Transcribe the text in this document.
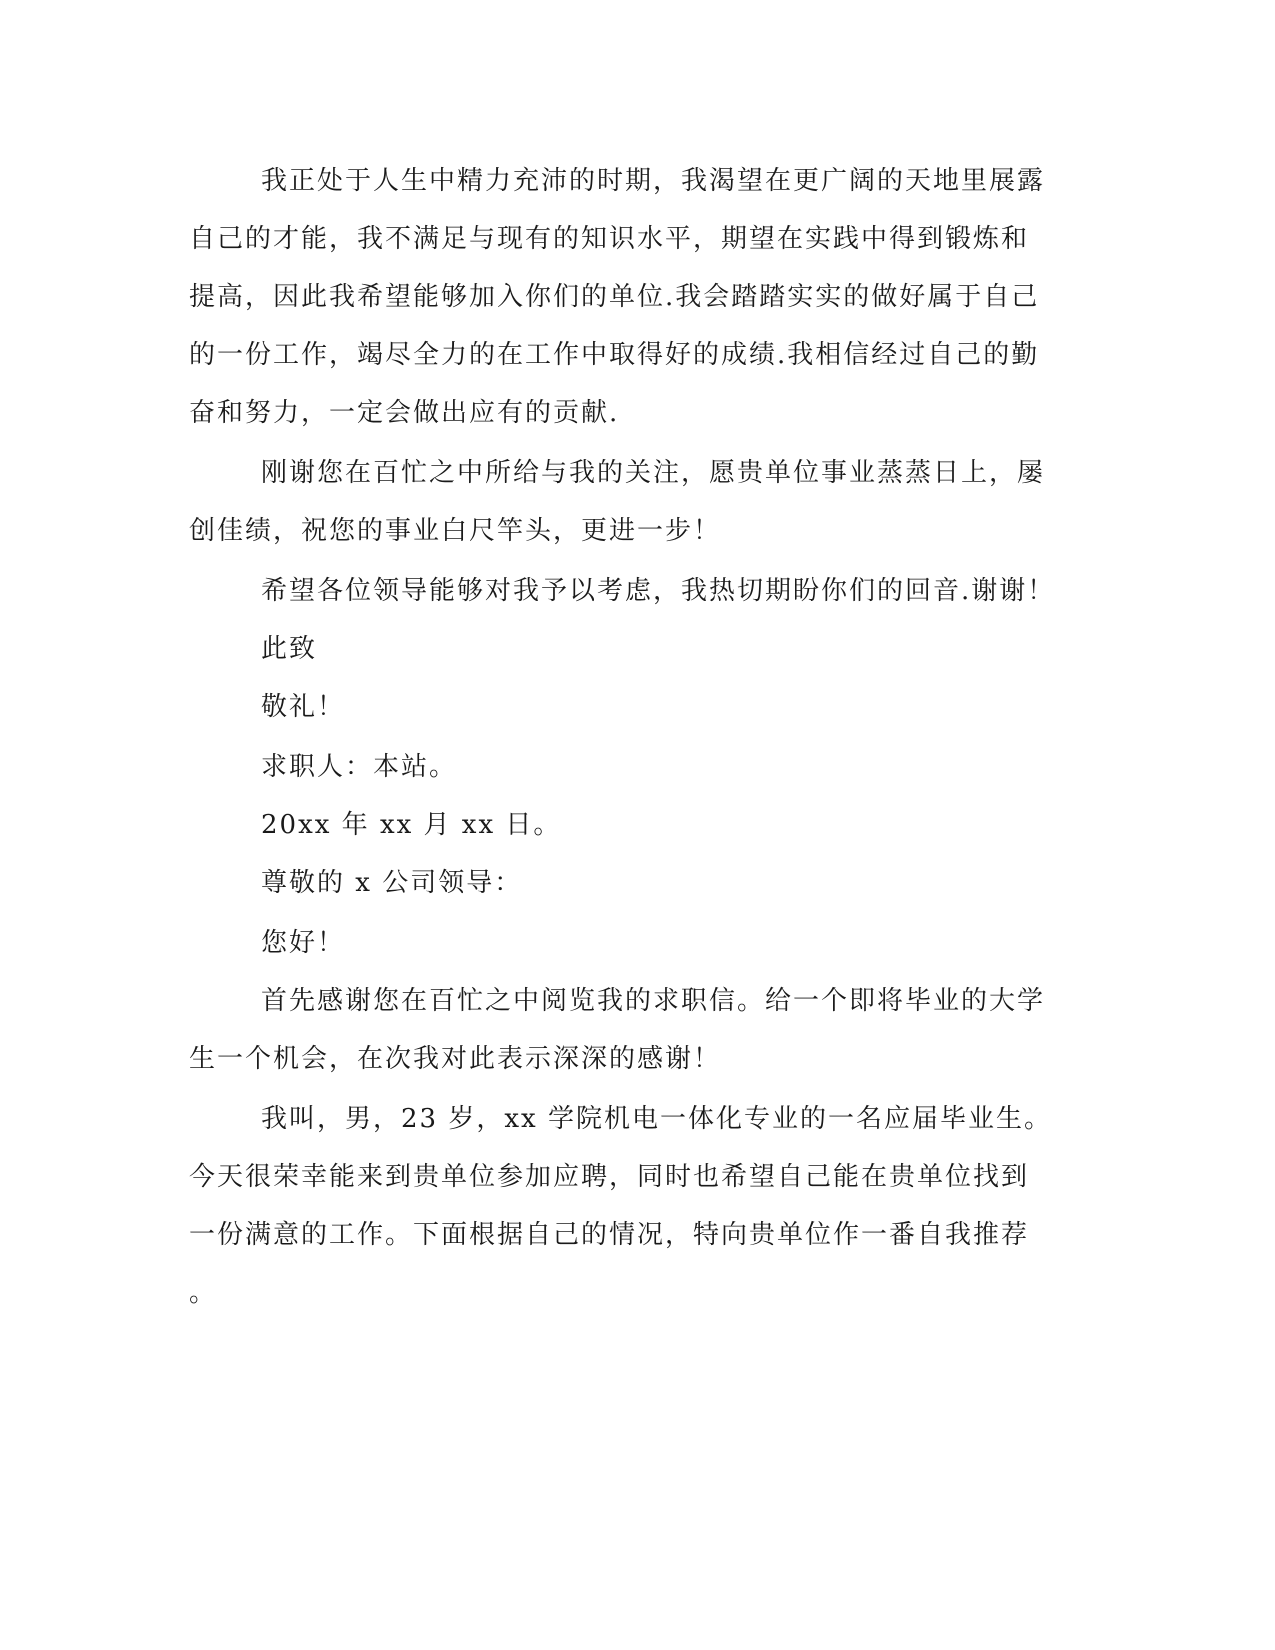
我正处于人生中精力充沛的时期，我渴望在更广阔的天地里展露
自己的才能，我不满足与现有的知识水平，期望在实践中得到锻炼和
提高，因此我希望能够加入你们的单位.我会踏踏实实的做好属于自己
的一份工作，竭尽全力的在工作中取得好的成绩.我相信经过自己的勤
奋和努力，一定会做出应有的贡献.
刚谢您在百忙之中所给与我的关注，愿贵单位事业蒸蒸日上，屡
创佳绩，祝您的事业白尺竿头，更进一步！
希望各位领导能够对我予以考虑，我热切期盼你们的回音.谢谢！
此致
敬礼！
求职人：本站。
20xx 年 xx 月 xx 日。
尊敬的 x 公司领导：
您好！
首先感谢您在百忙之中阅览我的求职信。给一个即将毕业的大学
生一个机会，在次我对此表示深深的感谢！
我叫，男，23 岁，xx 学院机电一体化专业的一名应届毕业生。
今天很荣幸能来到贵单位参加应聘，同时也希望自己能在贵单位找到
一份满意的工作。下面根据自己的情况，特向贵单位作一番自我推荐
。
